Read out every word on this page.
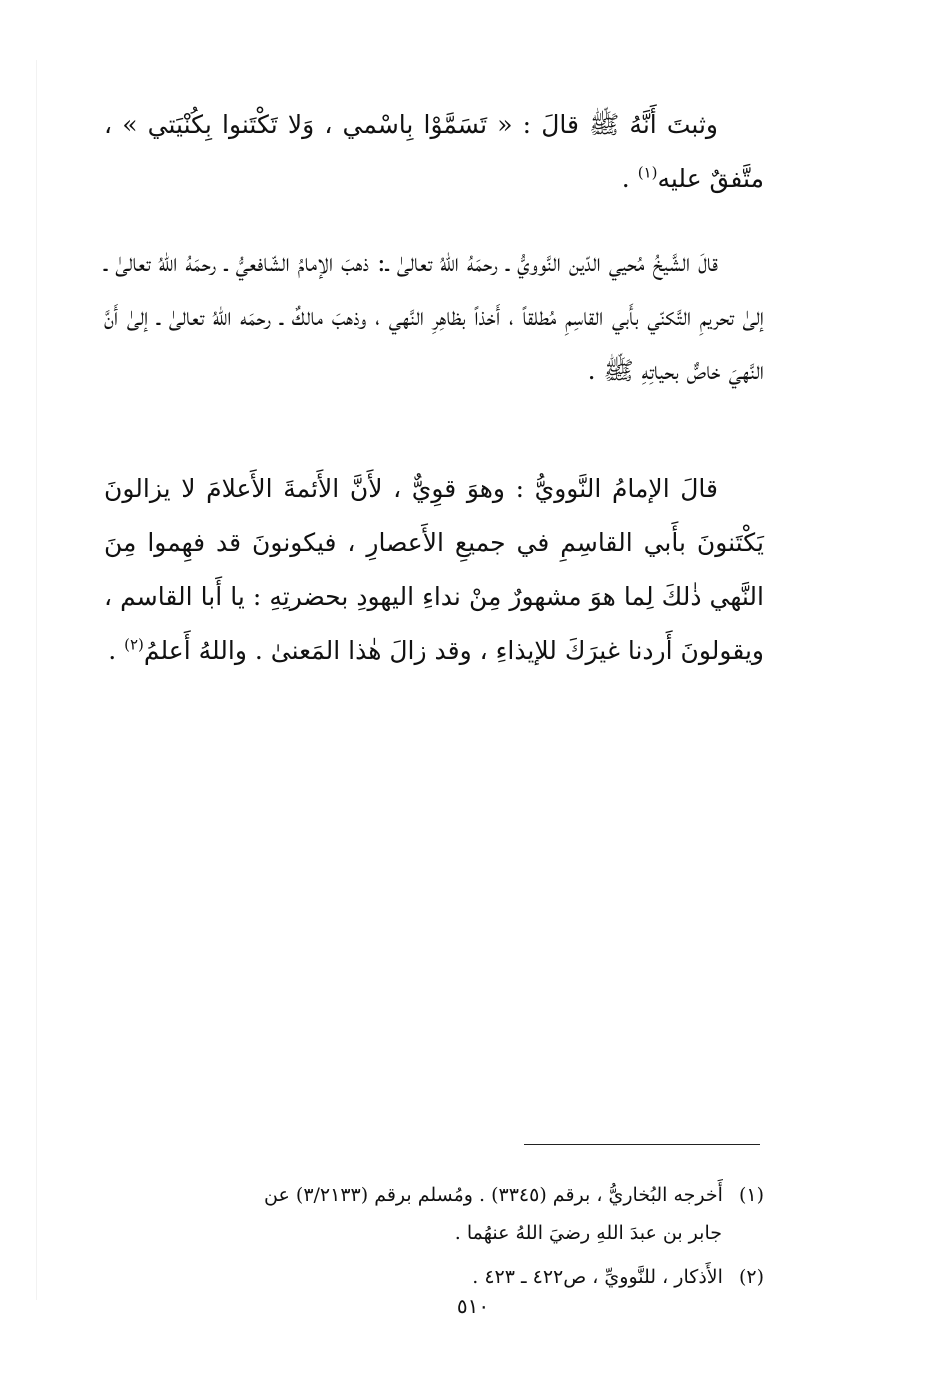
وثبتَ أَنَّهُ ﷺ قالَ : « تَسَمَّوْا بِاسْمي ، وَلا تَكْتَنوا بِكُنْيَتي » ، متَّفقٌ عليه$^{(١)}$ .

قالَ الشَّيخُ مُحيي الدّين النَّوويُّ ـ رحمَهُ اللهُ تعالىٰ ـ: ذهبَ الإمامُ الشّافعيُّ ـ رحمَهُ اللهُ تعالىٰ ـ إلىٰ تحريمِ التَّكنّي بأَبي القاسِمِ مُطلقاً ، أَخذاً بظاهِرِ النَّهي ، وذهبَ مالكٌ ـ رحمَه اللهُ تعالىٰ ـ إلىٰ أَنَّ النَّهيَ خاصٌّ بحياتِهِ ﷺ .

قالَ الإمامُ النَّوويُّ : وهوَ قوِيٌّ ، لأَنَّ الأَئمةَ الأَعلامَ لا يزالونَ يَكْتَنونَ بأَبي القاسِمِ في جميعِ الأَعصارِ ، فيكونونَ قد فهِموا مِنَ النَّهي ذٰلكَ لِما هوَ مشهورٌ مِنْ نداءِ اليهودِ بحضرتِهِ : يا أَبا القاسم ، ويقولونَ أَردنا غيرَكَ للإيذاءِ ، وقد زالَ هٰذا المَعنىٰ . واللهُ أَعلمُ$^{(٢)}$ .

(١) أَخرجه البُخاريُّ ، برقم (٣٣٤٥) . ومُسلم برقم (٣/٢١٣٣) عن
جابر بن عبدَ اللهِ رضيَ اللهُ عنهُما .
(٢) الأَذكار ، للنَّوويِّ ، ص٤٢٢ ـ ٤٢٣ .
٥١٠
